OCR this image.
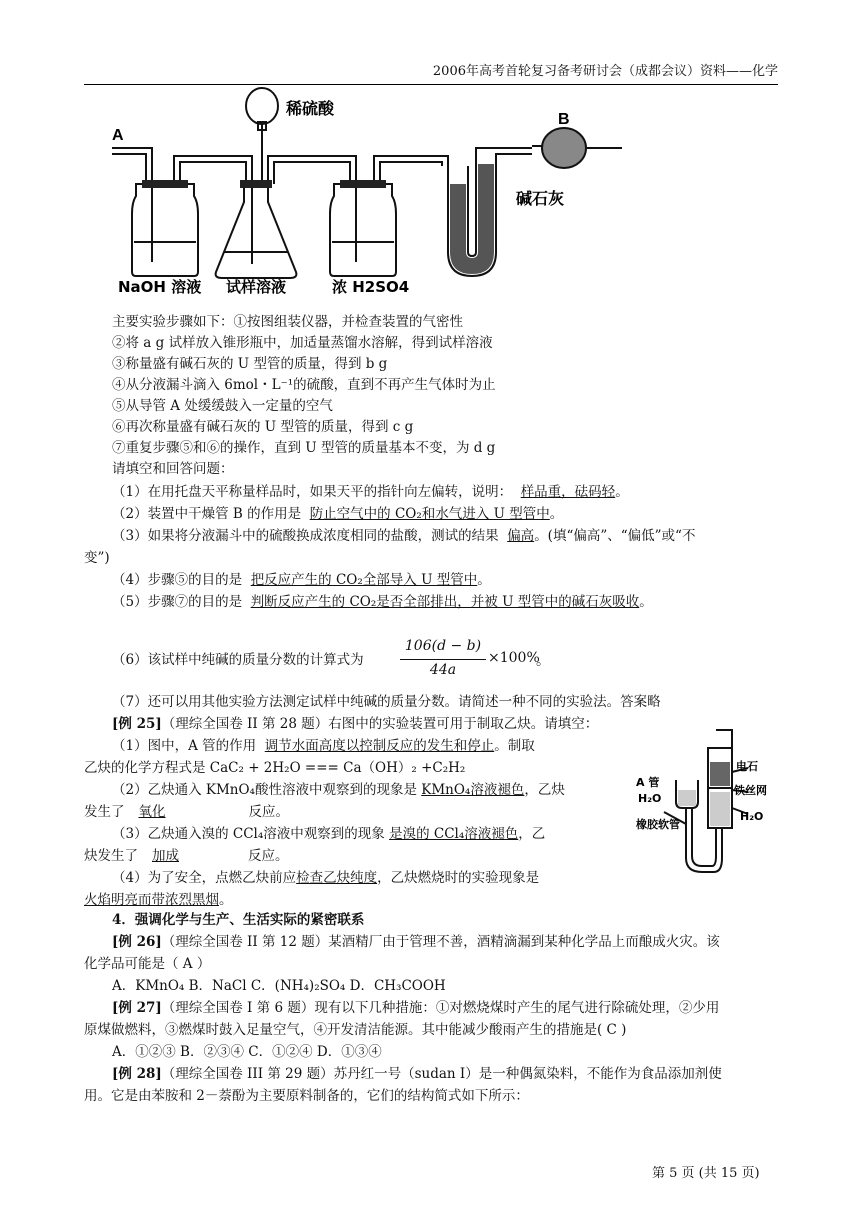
2006年高考首轮复习备考研讨会（成都会议）资料——化学
A
B
稀硫酸
碱石灰
NaOH 溶液 试样溶液	浓 H2SO4
主要实验步骤如下：①按图组装仪器，并检查装置的气密性
②将 a g 试样放入锥形瓶中，加适量蒸馏水溶解，得到试样溶液
③称量盛有碱石灰的 U 型管的质量，得到 b g
④从分液漏斗滴入 6mol・L⁻¹的硫酸，直到不再产生气体时为止
⑤从导管 A 处缓缓鼓入一定量的空气
⑥再次称量盛有碱石灰的 U 型管的质量，得到 c g
⑦重复步骤⑤和⑥的操作，直到 U 型管的质量基本不变，为 d g
请填空和回答问题：
（1）在用托盘天平称量样品时，如果天平的指针向左偏转，说明： 样品重，砝码轻。
（2）装置中干燥管 B 的作用是 防止空气中的 CO₂和水气进入 U 型管中。
（3）如果将分液漏斗中的硫酸换成浓度相同的盐酸，测试的结果 偏高。(填“偏高”、“偏低”或“不
变”)
（4）步骤⑤的目的是 把反应产生的 CO₂全部导入 U 型管中。
（5）步骤⑦的目的是 判断反应产生的 CO₂是否全部排出，并被 U 型管中的碱石灰吸收。
（6）该试样中纯碱的质量分数的计算式为
106(d − b)
44a
×100%
。
（7）还可以用其他实验方法测定试样中纯碱的质量分数。请简述一种不同的实验法。答案略
[例 25]（理综全国卷 II 第 28 题）右图中的实验装置可用于制取乙炔。请填空：
（1）图中，A 管的作用 调节水面高度以控制反应的发生和停止。制取
乙炔的化学方程式是 CaC₂ + 2H₂O === Ca（OH）₂ +C₂H₂
（2）乙炔通入 KMnO₄酸性溶液中观察到的现象是 KMnO₄溶液褪色，乙炔
发生了 氧化	反应。
（3）乙炔通入溴的 CCl₄溶液中观察到的现象 是溴的 CCl₄溶液褪色，乙
炔发生了 加成	反应。
（4）为了安全，点燃乙炔前应检查乙炔纯度，乙炔燃烧时的实验现象是
火焰明亮而带浓烈黑烟。
A 管
H₂O
橡胶软管
电石
铁丝网
H₂O
4．强调化学与生产、生活实际的紧密联系
[例 26]（理综全国卷 II 第 12 题）某酒精厂由于管理不善，酒精滴漏到某种化学品上而酿成火灾。该
化学品可能是（ A ）
A．KMnO₄ B．NaCl C．(NH₄)₂SO₄ D．CH₃COOH
[例 27]（理综全国卷 I 第 6 题）现有以下几种措施：①对燃烧煤时产生的尾气进行除硫处理，②少用
原煤做燃料，③燃煤时鼓入足量空气，④开发清洁能源。其中能减少酸雨产生的措施是( C )
A．①②③ B．②③④ C．①②④ D．①③④
[例 28]（理综全国卷 III 第 29 题）苏丹红一号（sudan Ⅰ）是一种偶氮染料，不能作为食品添加剂使
用。它是由苯胺和 2－萘酚为主要原料制备的，它们的结构简式如下所示：
第 5 页 (共 15 页)
